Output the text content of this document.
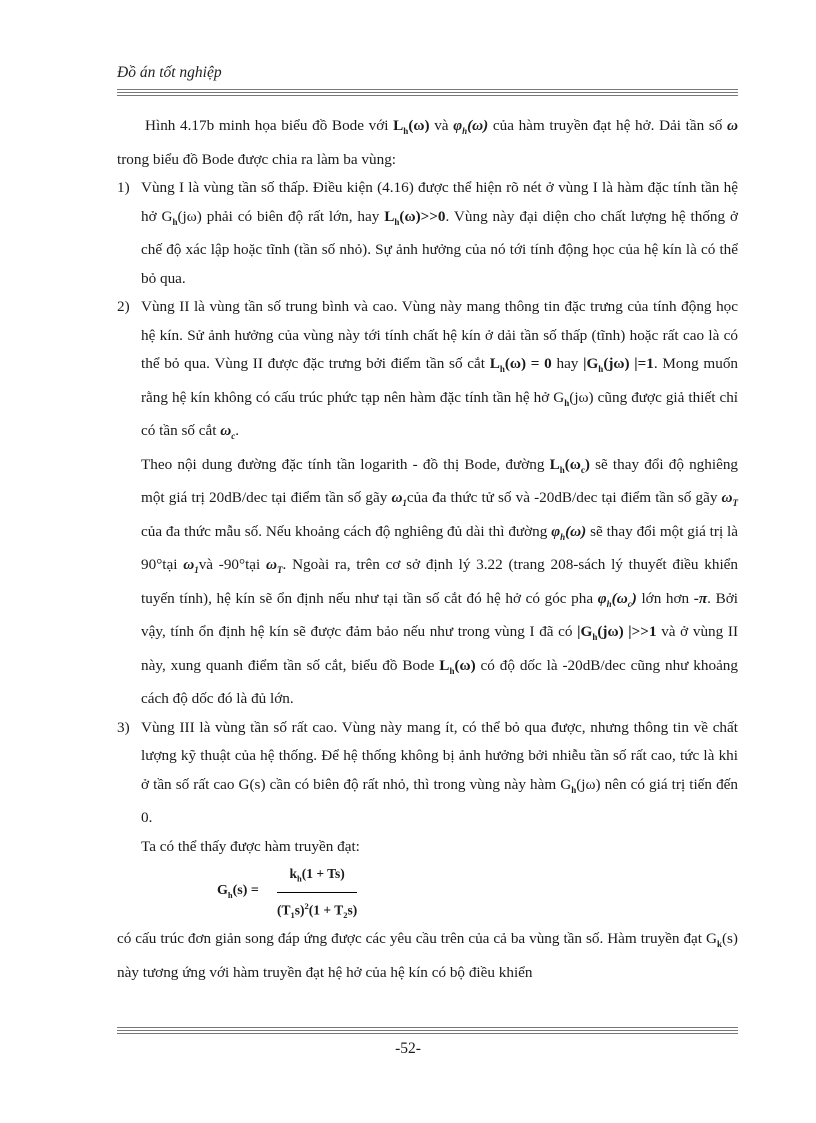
Đồ án tốt nghiệp

Hình 4.17b minh họa biểu đồ Bode với $L_h(\omega)$ và $\varphi_h(\omega)$ của hàm truyền đạt hệ hở. Dải tần số ω trong biểu đồ Bode được chia ra làm ba vùng:

1) Vùng I là vùng tần số thấp. Điều kiện (4.16) được thể hiện rõ nét ở vùng I là hàm đặc tính tần hệ hở $G_h(j\omega)$ phải có biên độ rất lớn, hay $L_h(\omega)>>0$. Vùng này đại diện cho chất lượng hệ thống ở chế độ xác lập hoặc tĩnh (tần số nhỏ). Sự ảnh hưởng của nó tới tính động học của hệ kín là có thể bỏ qua.
2) Vùng II là vùng tần số trung bình và cao. Vùng này mang thông tin đặc trưng của tính động học hệ kín. Sử ảnh hưởng của vùng này tới tính chất hệ kín ở dải tần số thấp (tĩnh) hoặc rất cao là có thể bỏ qua. Vùng II được đặc trưng bởi điểm tần số cắt $L_h(\omega) = 0$ hay $|G_h(j\omega)$ |=1. Mong muốn rằng hệ kín không có cấu trúc phức tạp nên hàm đặc tính tần hệ hở $G_h(j\omega)$ cũng được giả thiết chỉ có tần số cắt $\omega_c$.

Theo nội dung đường đặc tính tần logarith - đồ thị Bode, đường $L_h(\omega_c)$ sẽ thay đổi độ nghiêng một giá trị 20dB/dec tại điểm tần số gãy $\omega_1của$ đa thức tử số và -20dB/dec tại điểm tần số gãy $\omega_T$ của đa thức mẫu số. Nếu khoảng cách độ nghiêng đủ dài thì đường $\varphi_h(\omega)$ sẽ thay đổi một giá trị là 90°tại $\omega_1và$ -90°tại $\omega_T$. Ngoài ra, trên cơ sở định lý 3.22 (trang 208-sách lý thuyết điều khiển tuyến tính), hệ kín sẽ ổn định nếu như tại tần số cắt đó hệ hở có góc pha $\varphi_h(\omega_c)$ lớn hơn -π. Bởi vậy, tính ổn định hệ kín sẽ được đảm bảo nếu như trong vùng I đã có $|G_h(j\omega)$ |>>1 và ở vùng II này, xung quanh điểm tần số cắt, biểu đồ Bode $L_h(\omega)$ có độ dốc là -20dB/dec cũng như khoảng cách độ dốc đó là đủ lớn.

3) Vùng III là vùng tần số rất cao. Vùng này mang ít, có thể bỏ qua được, nhưng thông tin về chất lượng kỹ thuật của hệ thống. Để hệ thống không bị ảnh hưởng bởi nhiễu tần số rất cao, tức là khi ở tần số rất cao G(s) cần có biên độ rất nhỏ, thì trong vùng này hàm $G_h(j\omega)$ nên có giá trị tiến đến 0.

Ta có thể thấy được hàm truyền đạt:

$G_h(s)$ =
$k_h(1 + Ts)$
$(T_1s)^2(1 + T_2s)$

có cấu trúc đơn giản song đáp ứng được các yêu cầu trên của cả ba vùng tần số. Hàm truyền đạt $G_k(s)$ này tương ứng với hàm truyền đạt hệ hở của hệ kín có bộ điều khiển

-52-
